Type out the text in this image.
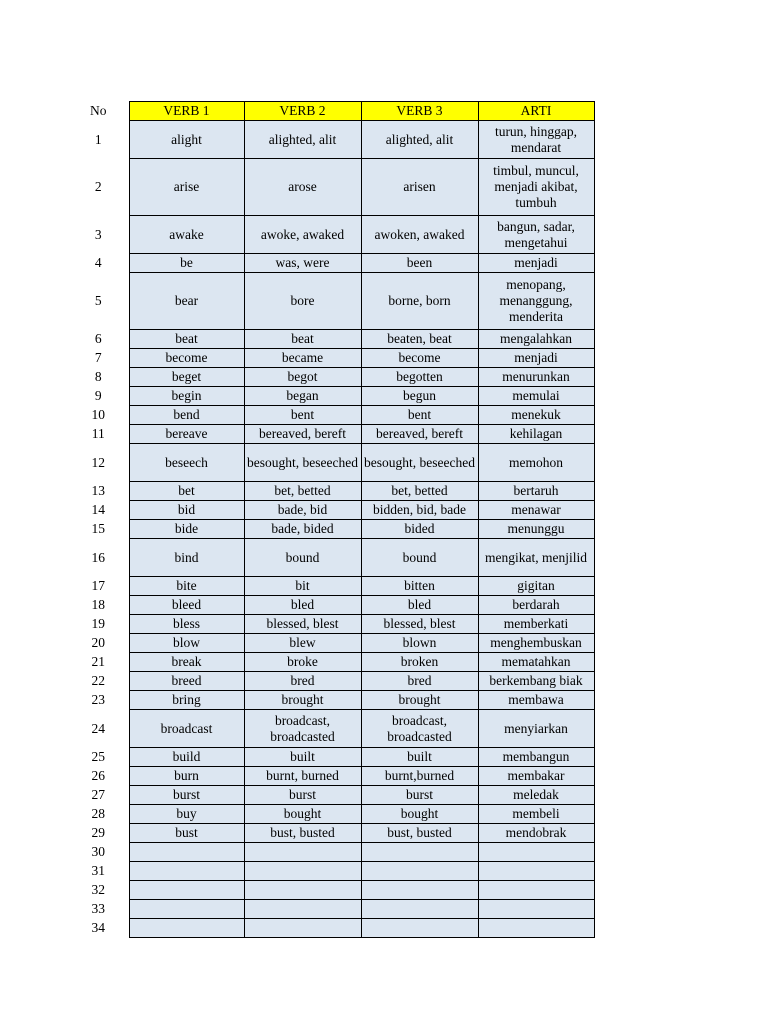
No	VERB 1	VERB 2	VERB 3	ARTI
1	alight	alighted, alit	alighted, alit	turun, hinggap, mendarat
2	arise	arose	arisen	timbul, muncul, menjadi akibat, tumbuh
3	awake	awoke, awaked	awoken, awaked	bangun, sadar, mengetahui
4	be	was, were	been	menjadi
5	bear	bore	borne, born	menopang, menanggung, menderita
6	beat	beat	beaten, beat	mengalahkan
7	become	became	become	menjadi
8	beget	begot	begotten	menurunkan
9	begin	began	begun	memulai
10	bend	bent	bent	menekuk
11	bereave	bereaved, bereft	bereaved, bereft	kehilagan
12	beseech	besought, beseeched	besought, beseeched	memohon
13	bet	bet, betted	bet, betted	bertaruh
14	bid	bade, bid	bidden, bid, bade	menawar
15	bide	bade, bided	bided	menunggu
16	bind	bound	bound	mengikat, menjilid
17	bite	bit	bitten	gigitan
18	bleed	bled	bled	berdarah
19	bless	blessed, blest	blessed, blest	memberkati
20	blow	blew	blown	menghembuskan
21	break	broke	broken	mematahkan
22	breed	bred	bred	berkembang biak
23	bring	brought	brought	membawa
24	broadcast	broadcast, broadcasted	broadcast, broadcasted	menyiarkan
25	build	built	built	membangun
26	burn	burnt, burned	burnt,burned	membakar
27	burst	burst	burst	meledak
28	buy	bought	bought	membeli
29	bust	bust, busted	bust, busted	mendobrak
30				
31				
32				
33				
34				
